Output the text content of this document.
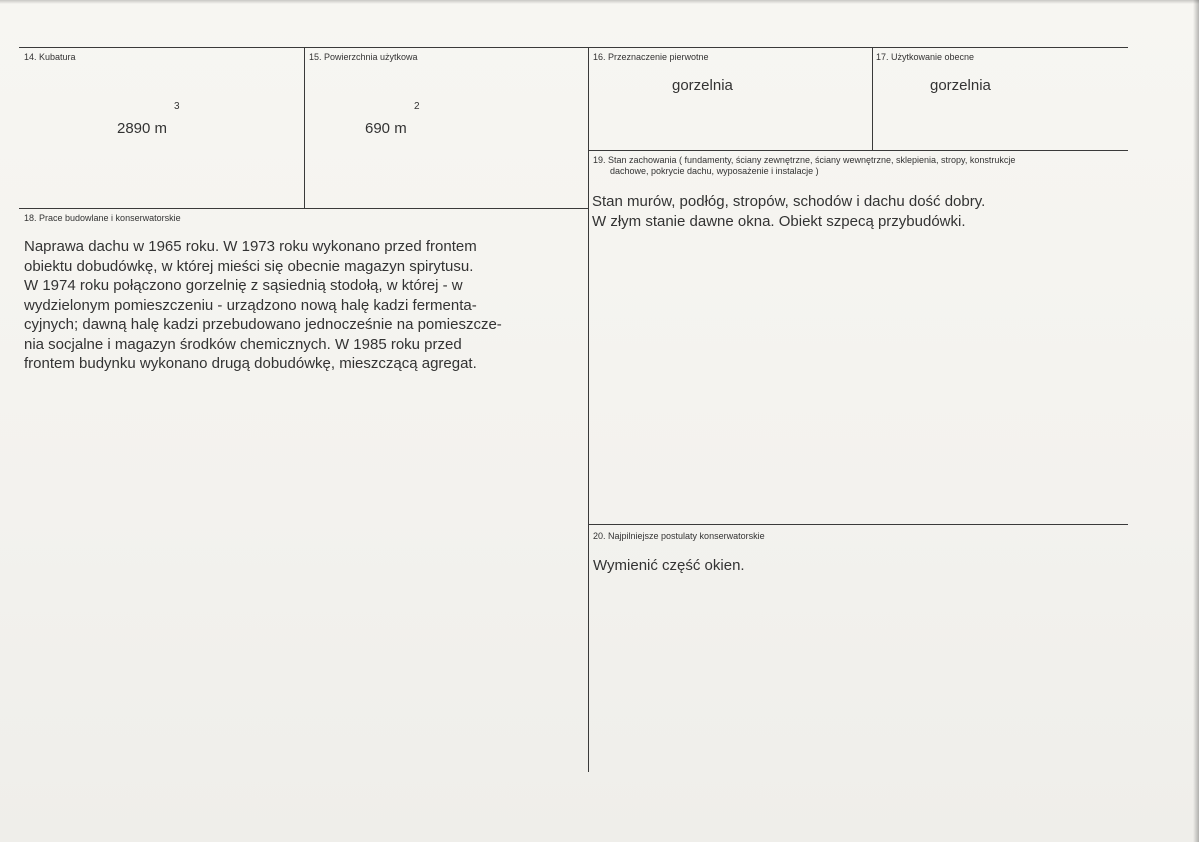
14. Kubatura
2890 m
3
15. Powierzchnia użytkowa
690 m
2
16. Przeznaczenie pierwotne
gorzelnia
17. Użytkowanie obecne
gorzelnia
19. Stan zachowania ( fundamenty, ściany zewnętrzne, ściany wewnętrzne, sklepienia, stropy, konstrukcje
dachowe, pokrycie dachu, wyposażenie i instalacje )
Stan murów, podłóg, stropów, schodów i dachu dość dobry.
W złym stanie dawne okna. Obiekt szpecą przybudówki.
18. Prace budowlane i konserwatorskie
Naprawa dachu w 1965 roku. W 1973 roku wykonano przed frontem
obiektu dobudówkę, w której mieści się obecnie magazyn spirytusu.
W 1974 roku połączono gorzelnię z sąsiednią stodołą, w której - w
wydzielonym pomieszczeniu - urządzono nową halę kadzi fermenta-
cyjnych; dawną halę kadzi przebudowano jednocześnie na pomieszcze-
nia socjalne i magazyn środków chemicznych. W 1985 roku przed
frontem budynku wykonano drugą dobudówkę, mieszczącą agregat.
20. Najpilniejsze postulaty konserwatorskie
Wymienić część okien.
